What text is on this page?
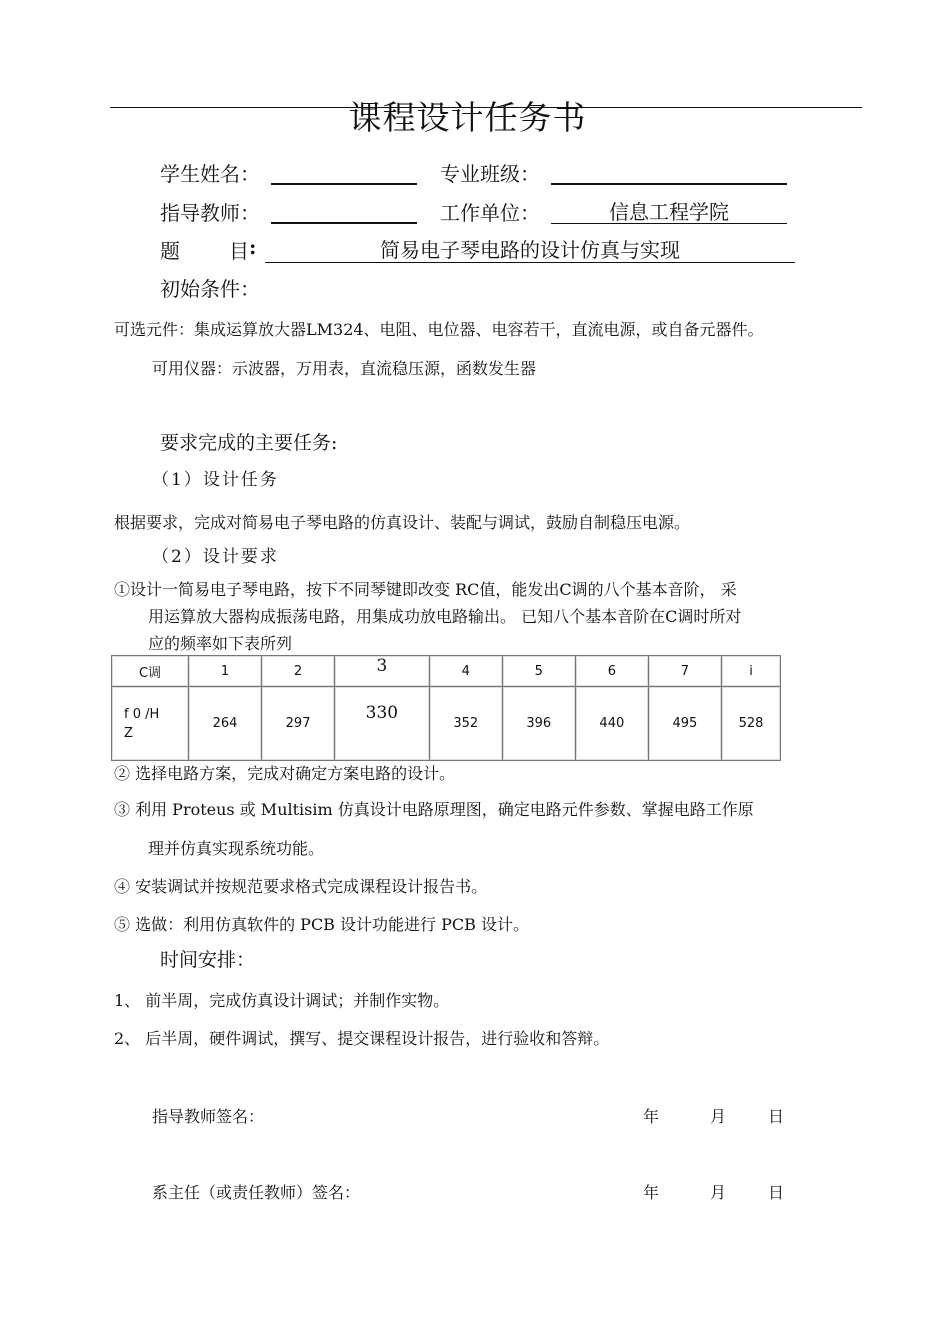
课程设计任务书
学生姓名：	专业班级：
指导教师：	工作单位：	信息工程学院
题 目 :	简易电子琴电路的设计仿真与实现
初始条件：
可选元件：集成运算放大器LM324、电阻、电位器、电容若干，直流电源，或自备元器件。
可用仪器：示波器，万用表，直流稳压源，函数发生器
要求完成的主要任务:
（1）设计任务
根据要求，完成对简易电子琴电路的仿真设计、装配与调试，鼓励自制稳压电源。
（2）设计要求
①设计一简易电子琴电路，按下不同琴键即改变 RC值，能发出C调的八个基本音阶， 采
用运算放大器构成振荡电路，用集成功放电路输出。 已知八个基本音阶在C调时所对
应的频率如下表所列
C调	1	2	3	4	5	6	7	i
f 0 /H
Z	264	297	330	352	396	440	495	528
② 选择电路方案，完成对确定方案电路的设计。
③ 利用 Proteus 或 Multisim 仿真设计电路原理图，确定电路元件参数、掌握电路工作原
理并仿真实现系统功能。
④ 安装调试并按规范要求格式完成课程设计报告书。
⑤ 选做：利用仿真软件的 PCB 设计功能进行 PCB 设计。
时间安排：
1、 前半周，完成仿真设计调试；并制作实物。
2、 后半周，硬件调试，撰写、提交课程设计报告，进行验收和答辩。
指导教师签名：	年	月	日
系主任（或责任教师）签名：	年	月	日
